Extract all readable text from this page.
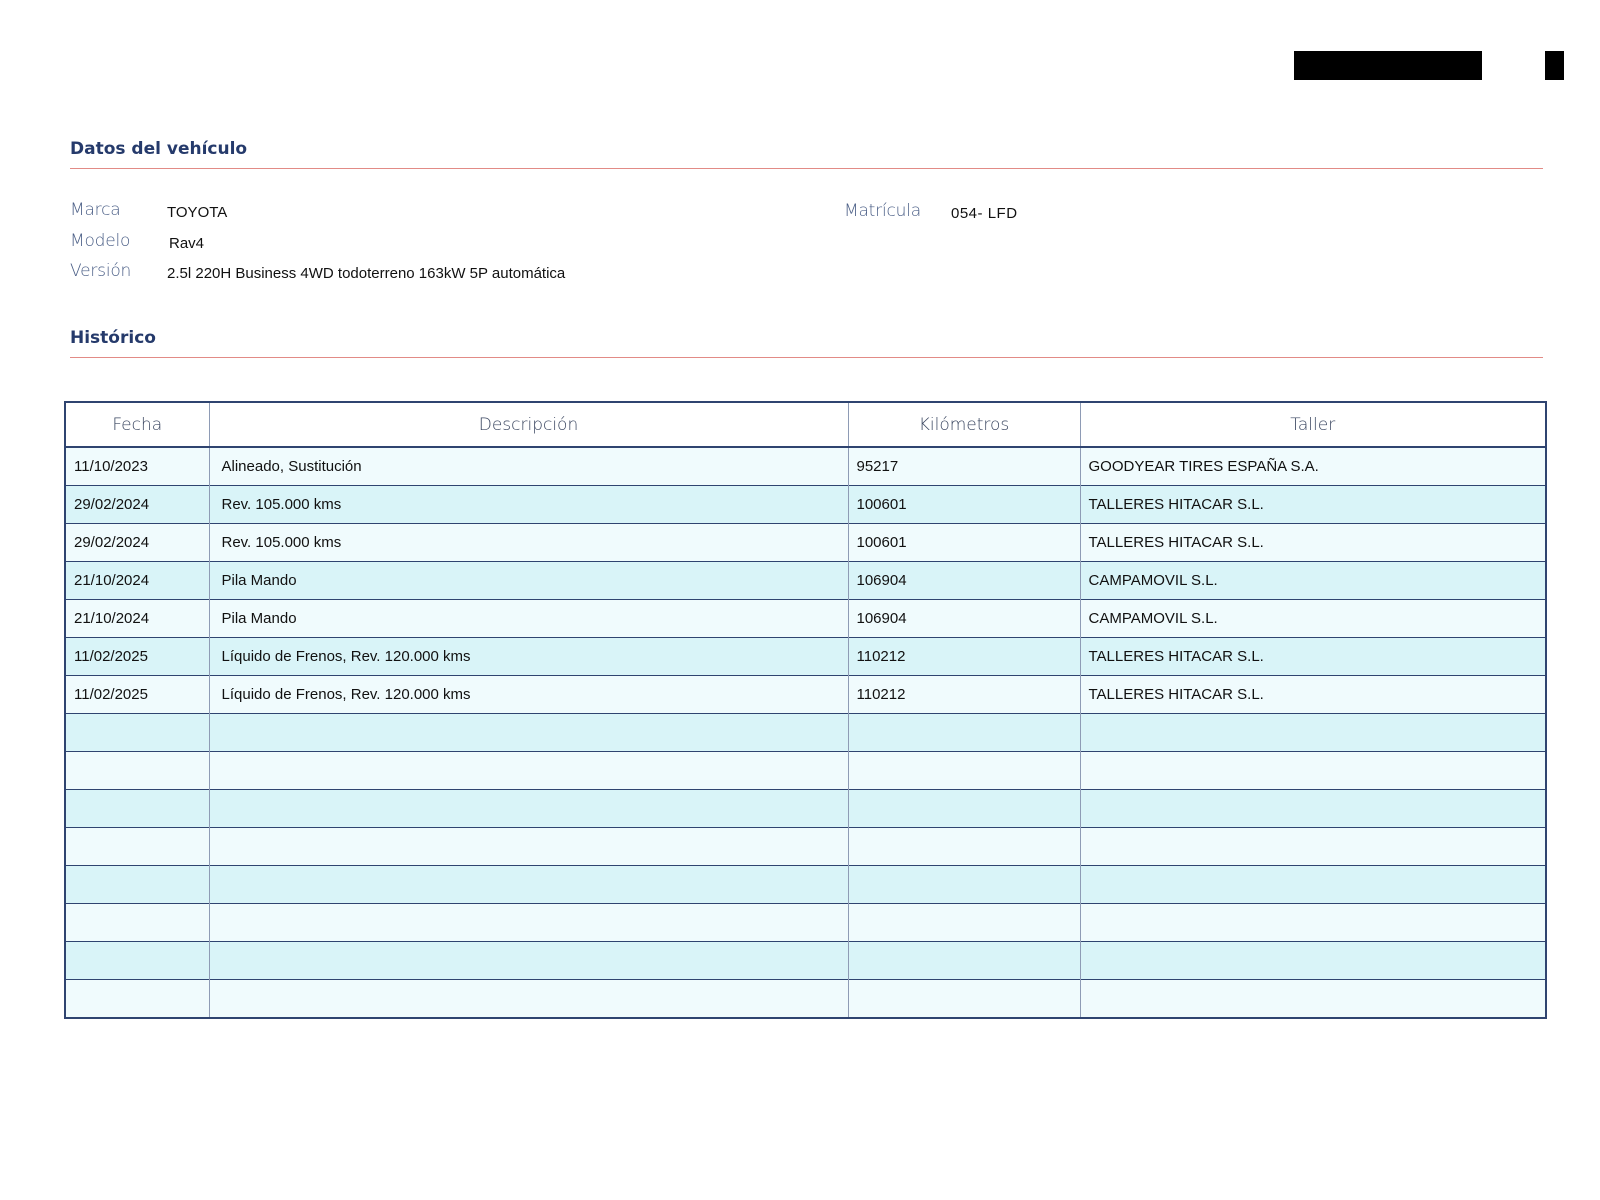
Datos del vehículo
Marca	TOYOTA
Modelo	Rav4
Versión 2.5l 220H Business 4WD todoterreno 163kW 5P automática
Matrícula 054- LFD
Histórico
Fecha	Descripción	Kilómetros	Taller
11/10/2023	Alineado, Sustitución	95217	GOODYEAR TIRES ESPAÑA S.A.
29/02/2024	Rev. 105.000 kms	100601	TALLERES HITACAR S.L.
29/02/2024	Rev. 105.000 kms	100601	TALLERES HITACAR S.L.
21/10/2024	Pila Mando	106904	CAMPAMOVIL S.L.
21/10/2024	Pila Mando	106904	CAMPAMOVIL S.L.
11/02/2025	Líquido de Frenos, Rev. 120.000 kms	110212	TALLERES HITACAR S.L.
11/02/2025	Líquido de Frenos, Rev. 120.000 kms	110212	TALLERES HITACAR S.L.
